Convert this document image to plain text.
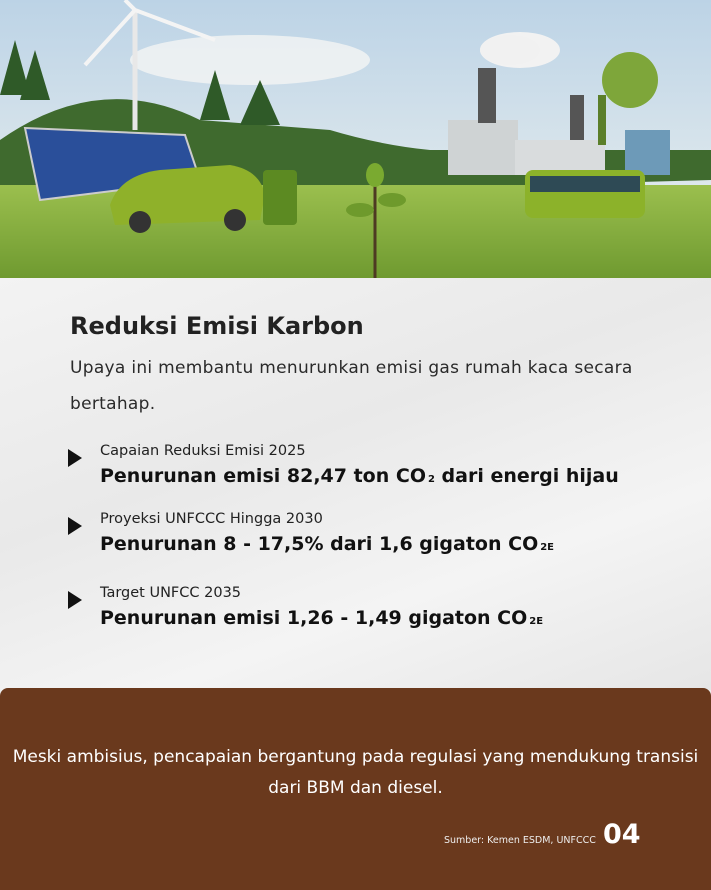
Reduksi Emisi Karbon
Upaya ini membantu menurunkan emisi gas rumah kaca secara bertahap.
Capaian Reduksi Emisi 2025
Penurunan emisi 82,47 ton CO 2 dari energi hijau
Proyeksi UNFCCC Hingga 2030
Penurunan 8 - 17,5% dari 1,6 gigaton CO 2E
Target UNFCC 2035
Penurunan emisi 1,26 - 1,49 gigaton CO 2E
Meski ambisius, pencapaian bergantung pada regulasi yang mendukung transisi dari BBM dan diesel.
Sumber: Kemen ESDM, UNFCCC 04
